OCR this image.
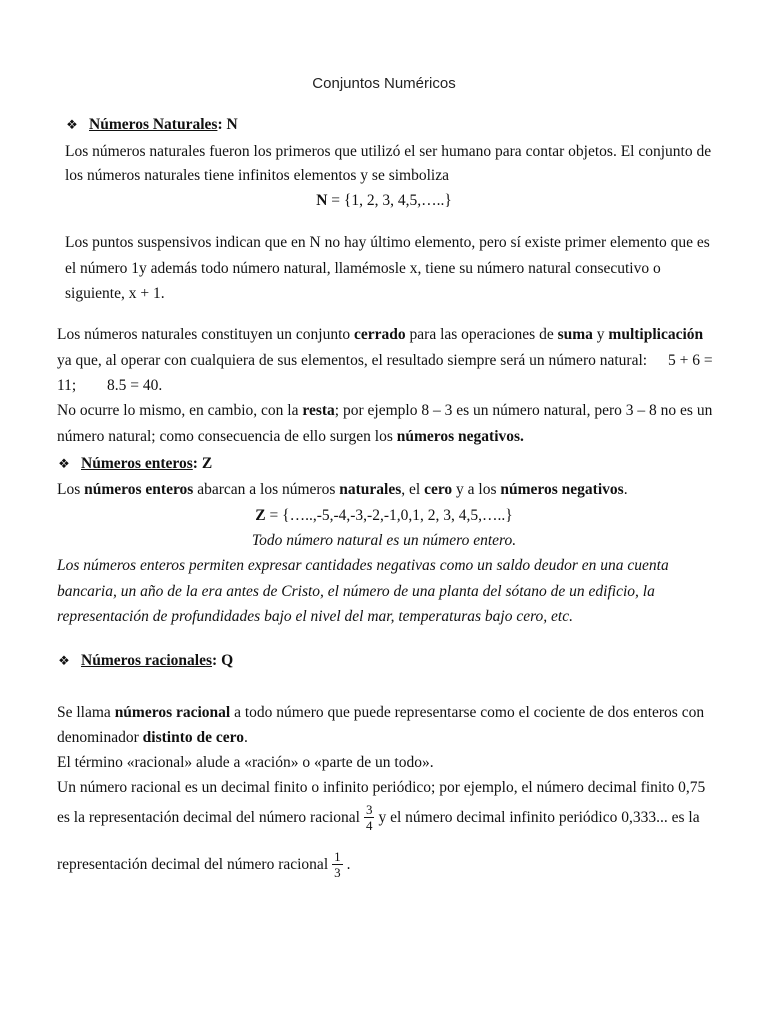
Conjuntos Numéricos
❖ Números Naturales: N
Los números naturales fueron los primeros que utilizó el ser humano para contar objetos. El conjunto de
los números naturales tiene infinitos elementos y se simboliza
N = {1, 2, 3, 4,5,…..}
Los puntos suspensivos indican que en N no hay último elemento, pero sí existe primer elemento que es
el número 1y además todo número natural, llamémosle x, tiene su número natural consecutivo o
siguiente, x + 1.
Los números naturales constituyen un conjunto cerrado para las operaciones de suma y multiplicación
ya que, al operar con cualquiera de sus elementos, el resultado siempre será un número natural: 5 + 6 =
11; 8.5 = 40.
No ocurre lo mismo, en cambio, con la resta; por ejemplo 8 – 3 es un número natural, pero 3 – 8 no es un
número natural; como consecuencia de ello surgen los números negativos.
❖ Números enteros: Z
Los números enteros abarcan a los números naturales, el cero y a los números negativos.
Z = {…..,-5,-4,-3,-2,-1,0,1, 2, 3, 4,5,…..}
Todo número natural es un número entero.
Los números enteros permiten expresar cantidades negativas como un saldo deudor en una cuenta
bancaria, un año de la era antes de Cristo, el número de una planta del sótano de un edificio, la
representación de profundidades bajo el nivel del mar, temperaturas bajo cero, etc.
❖ Números racionales: Q
Se llama números racional a todo número que puede representarse como el cociente de dos enteros con
denominador distinto de cero.
El término «racional» alude a «ración» o «parte de un todo».
Un número racional es un decimal finito o infinito periódico; por ejemplo, el número decimal finito 0,75
es la representación decimal del número racional $\frac{3}{4}$ y el número decimal infinito periódico 0,333... es la
representación decimal del número racional $\frac{1}{3}$ .
